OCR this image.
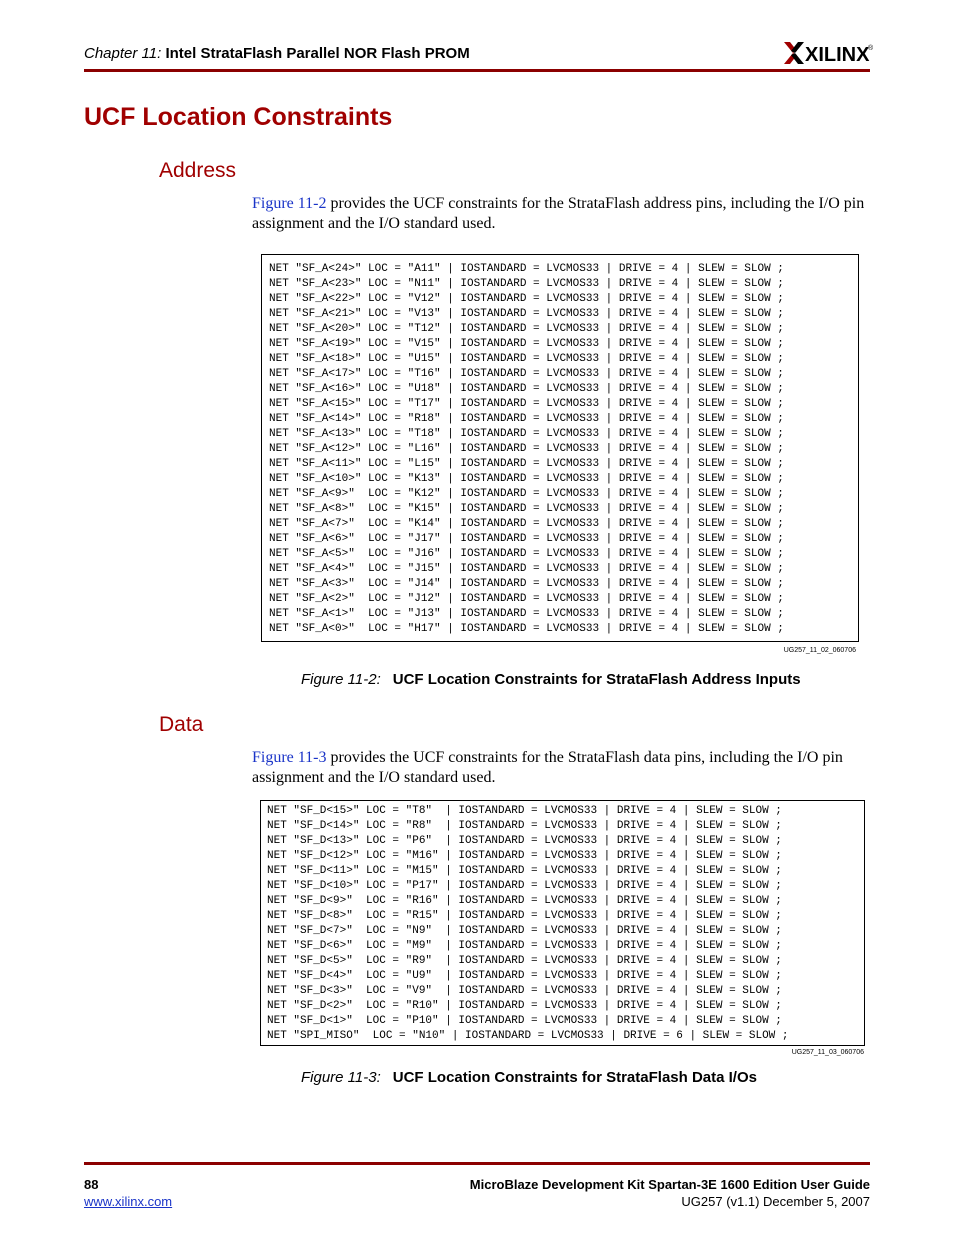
Chapter 11: Intel StrataFlash Parallel NOR Flash PROM	XILINX
®
UCF Location Constraints
Address
Figure 11-2 provides the UCF constraints for the StrataFlash address pins, including the I/O pin assignment and the I/O standard used.
NET "SF_A<24>" LOC = "A11" | IOSTANDARD = LVCMOS33 | DRIVE = 4 | SLEW = SLOW ;
NET "SF_A<23>" LOC = "N11" | IOSTANDARD = LVCMOS33 | DRIVE = 4 | SLEW = SLOW ;
NET "SF_A<22>" LOC = "V12" | IOSTANDARD = LVCMOS33 | DRIVE = 4 | SLEW = SLOW ;
NET "SF_A<21>" LOC = "V13" | IOSTANDARD = LVCMOS33 | DRIVE = 4 | SLEW = SLOW ;
NET "SF_A<20>" LOC = "T12" | IOSTANDARD = LVCMOS33 | DRIVE = 4 | SLEW = SLOW ;
NET "SF_A<19>" LOC = "V15" | IOSTANDARD = LVCMOS33 | DRIVE = 4 | SLEW = SLOW ;
NET "SF_A<18>" LOC = "U15" | IOSTANDARD = LVCMOS33 | DRIVE = 4 | SLEW = SLOW ;
NET "SF_A<17>" LOC = "T16" | IOSTANDARD = LVCMOS33 | DRIVE = 4 | SLEW = SLOW ;
NET "SF_A<16>" LOC = "U18" | IOSTANDARD = LVCMOS33 | DRIVE = 4 | SLEW = SLOW ;
NET "SF_A<15>" LOC = "T17" | IOSTANDARD = LVCMOS33 | DRIVE = 4 | SLEW = SLOW ;
NET "SF_A<14>" LOC = "R18" | IOSTANDARD = LVCMOS33 | DRIVE = 4 | SLEW = SLOW ;
NET "SF_A<13>" LOC = "T18" | IOSTANDARD = LVCMOS33 | DRIVE = 4 | SLEW = SLOW ;
NET "SF_A<12>" LOC = "L16" | IOSTANDARD = LVCMOS33 | DRIVE = 4 | SLEW = SLOW ;
NET "SF_A<11>" LOC = "L15" | IOSTANDARD = LVCMOS33 | DRIVE = 4 | SLEW = SLOW ;
NET "SF_A<10>" LOC = "K13" | IOSTANDARD = LVCMOS33 | DRIVE = 4 | SLEW = SLOW ;
NET "SF_A<9>"  LOC = "K12" | IOSTANDARD = LVCMOS33 | DRIVE = 4 | SLEW = SLOW ;
NET "SF_A<8>"  LOC = "K15" | IOSTANDARD = LVCMOS33 | DRIVE = 4 | SLEW = SLOW ;
NET "SF_A<7>"  LOC = "K14" | IOSTANDARD = LVCMOS33 | DRIVE = 4 | SLEW = SLOW ;
NET "SF_A<6>"  LOC = "J17" | IOSTANDARD = LVCMOS33 | DRIVE = 4 | SLEW = SLOW ;
NET "SF_A<5>"  LOC = "J16" | IOSTANDARD = LVCMOS33 | DRIVE = 4 | SLEW = SLOW ;
NET "SF_A<4>"  LOC = "J15" | IOSTANDARD = LVCMOS33 | DRIVE = 4 | SLEW = SLOW ;
NET "SF_A<3>"  LOC = "J14" | IOSTANDARD = LVCMOS33 | DRIVE = 4 | SLEW = SLOW ;
NET "SF_A<2>"  LOC = "J12" | IOSTANDARD = LVCMOS33 | DRIVE = 4 | SLEW = SLOW ;
NET "SF_A<1>"  LOC = "J13" | IOSTANDARD = LVCMOS33 | DRIVE = 4 | SLEW = SLOW ;
NET "SF_A<0>"  LOC = "H17" | IOSTANDARD = LVCMOS33 | DRIVE = 4 | SLEW = SLOW ;
UG257_11_02_060706
Figure 11-2: UCF Location Constraints for StrataFlash Address Inputs
Data
Figure 11-3 provides the UCF constraints for the StrataFlash data pins, including the I/O pin assignment and the I/O standard used.
NET "SF_D<15>" LOC = "T8"  | IOSTANDARD = LVCMOS33 | DRIVE = 4 | SLEW = SLOW ;
NET "SF_D<14>" LOC = "R8"  | IOSTANDARD = LVCMOS33 | DRIVE = 4 | SLEW = SLOW ;
NET "SF_D<13>" LOC = "P6"  | IOSTANDARD = LVCMOS33 | DRIVE = 4 | SLEW = SLOW ;
NET "SF_D<12>" LOC = "M16" | IOSTANDARD = LVCMOS33 | DRIVE = 4 | SLEW = SLOW ;
NET "SF_D<11>" LOC = "M15" | IOSTANDARD = LVCMOS33 | DRIVE = 4 | SLEW = SLOW ;
NET "SF_D<10>" LOC = "P17" | IOSTANDARD = LVCMOS33 | DRIVE = 4 | SLEW = SLOW ;
NET "SF_D<9>"  LOC = "R16" | IOSTANDARD = LVCMOS33 | DRIVE = 4 | SLEW = SLOW ;
NET "SF_D<8>"  LOC = "R15" | IOSTANDARD = LVCMOS33 | DRIVE = 4 | SLEW = SLOW ;
NET "SF_D<7>"  LOC = "N9"  | IOSTANDARD = LVCMOS33 | DRIVE = 4 | SLEW = SLOW ;
NET "SF_D<6>"  LOC = "M9"  | IOSTANDARD = LVCMOS33 | DRIVE = 4 | SLEW = SLOW ;
NET "SF_D<5>"  LOC = "R9"  | IOSTANDARD = LVCMOS33 | DRIVE = 4 | SLEW = SLOW ;
NET "SF_D<4>"  LOC = "U9"  | IOSTANDARD = LVCMOS33 | DRIVE = 4 | SLEW = SLOW ;
NET "SF_D<3>"  LOC = "V9"  | IOSTANDARD = LVCMOS33 | DRIVE = 4 | SLEW = SLOW ;
NET "SF_D<2>"  LOC = "R10" | IOSTANDARD = LVCMOS33 | DRIVE = 4 | SLEW = SLOW ;
NET "SF_D<1>"  LOC = "P10" | IOSTANDARD = LVCMOS33 | DRIVE = 4 | SLEW = SLOW ;
NET "SPI_MISO"  LOC = "N10" | IOSTANDARD = LVCMOS33 | DRIVE = 6 | SLEW = SLOW ;
UG257_11_03_060706
Figure 11-3: UCF Location Constraints for StrataFlash Data I/Os
88
www.xilinx.com
MicroBlaze Development Kit Spartan-3E 1600 Edition User Guide
UG257 (v1.1) December 5, 2007
